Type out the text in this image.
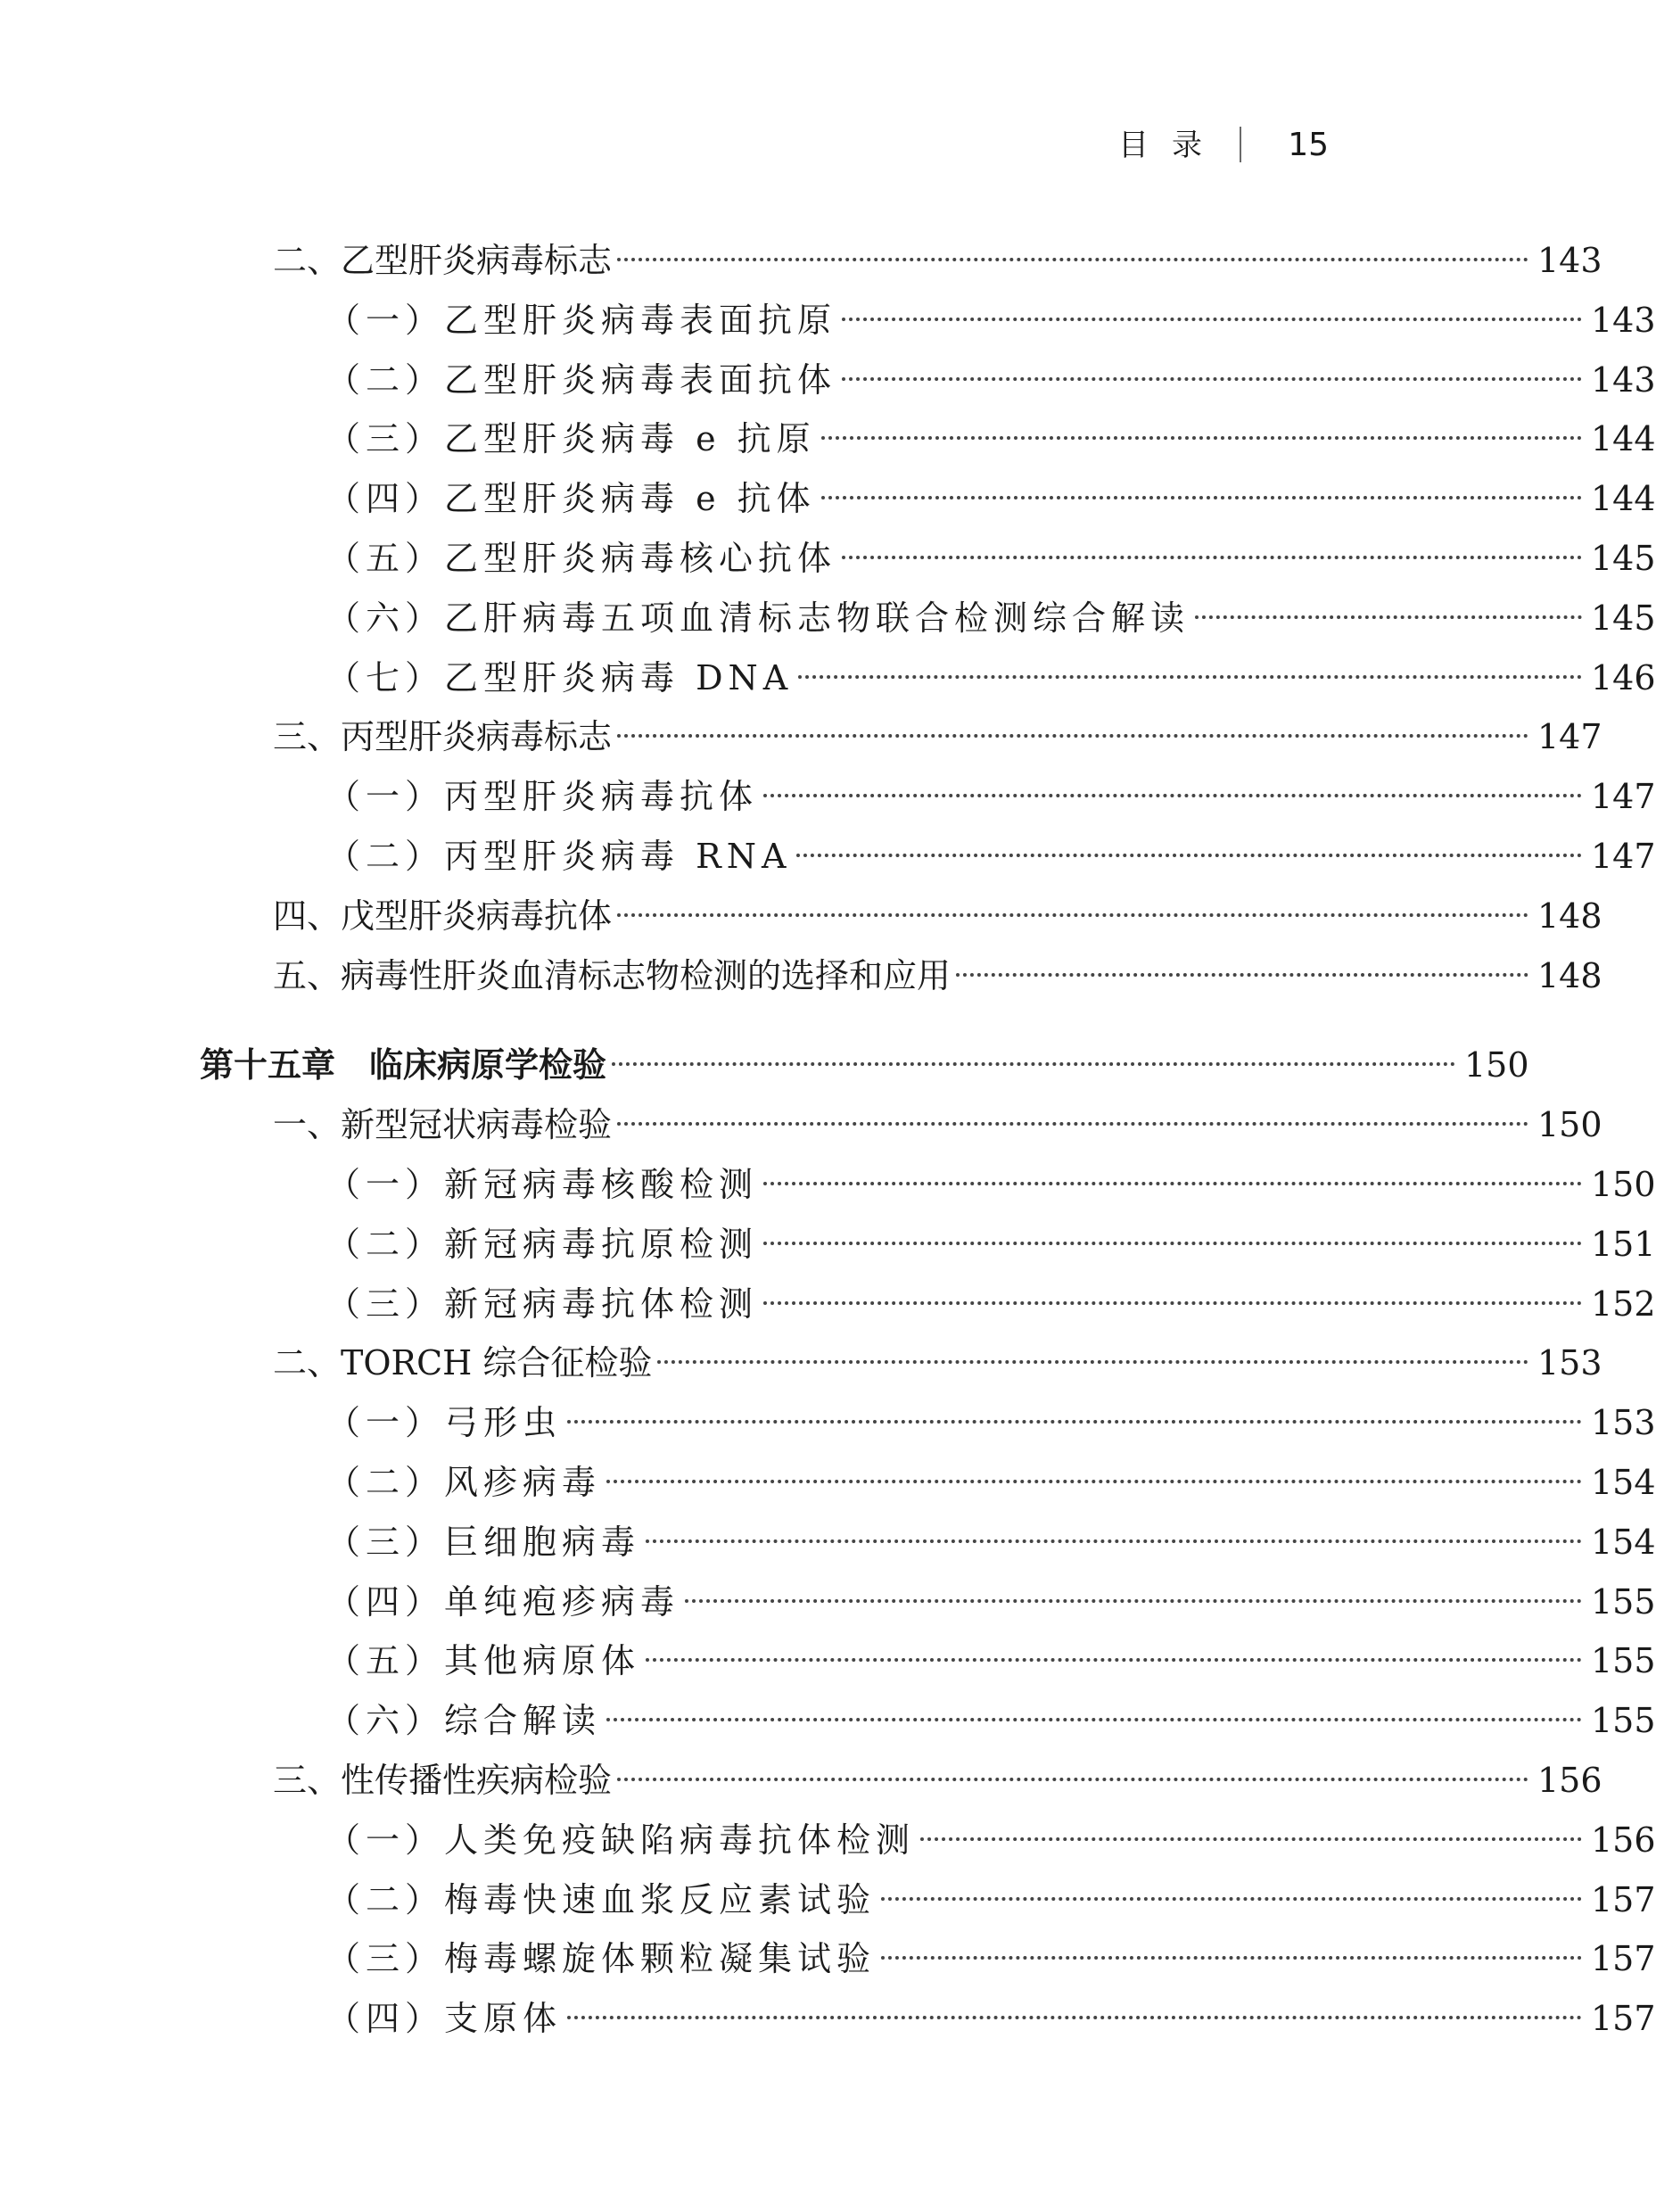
目录 15
二、乙型肝炎病毒标志	143
（一）乙型肝炎病毒表面抗原	143
（二）乙型肝炎病毒表面抗体	143
（三）乙型肝炎病毒 e 抗原	144
（四）乙型肝炎病毒 e 抗体	144
（五）乙型肝炎病毒核心抗体	145
（六）乙肝病毒五项血清标志物联合检测综合解读	145
（七）乙型肝炎病毒 DNA	146
三、丙型肝炎病毒标志	147
（一）丙型肝炎病毒抗体	147
（二）丙型肝炎病毒 RNA	147
四、戊型肝炎病毒抗体	148
五、病毒性肝炎血清标志物检测的选择和应用	148
第十五章　临床病原学检验	150
一、新型冠状病毒检验	150
（一）新冠病毒核酸检测	150
（二）新冠病毒抗原检测	151
（三）新冠病毒抗体检测	152
二、TORCH 综合征检验	153
（一）弓形虫	153
（二）风疹病毒	154
（三）巨细胞病毒	154
（四）单纯疱疹病毒	155
（五）其他病原体	155
（六）综合解读	155
三、性传播性疾病检验	156
（一）人类免疫缺陷病毒抗体检测	156
（二）梅毒快速血浆反应素试验	157
（三）梅毒螺旋体颗粒凝集试验	157
（四）支原体	157
